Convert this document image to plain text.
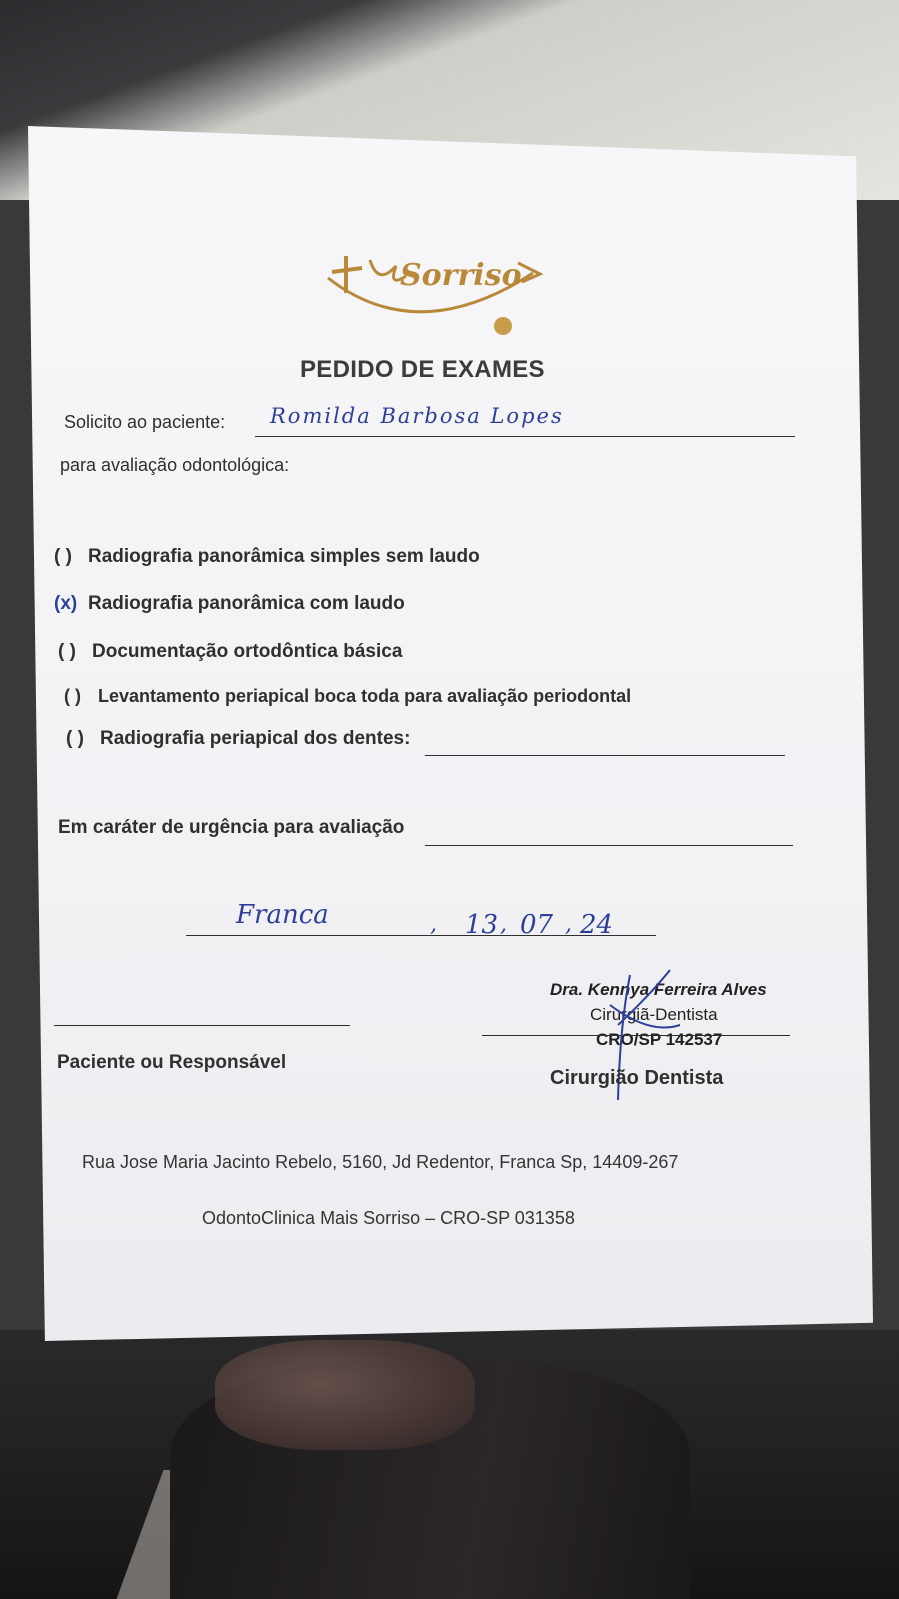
Sorriso
PEDIDO DE EXAMES
Solicito ao paciente: Romilda Barbosa Lopes
para avaliação odontológica:
( ) Radiografia panorâmica simples sem laudo
(x) Radiografia panorâmica com laudo
( ) Documentação ortodôntica básica
( ) Levantamento periapical boca toda para avaliação periodontal
( ) Radiografia periapical dos dentes:
Em caráter de urgência para avaliação
Franca	, 13 , 07 , 24
Paciente ou Responsável
Dra. Kennya Ferreira Alves
Cirurgiã-Dentista
CRO/SP 142537
Cirurgião Dentista
Rua Jose Maria Jacinto Rebelo, 5160, Jd Redentor, Franca Sp, 14409-267
OdontoClinica Mais Sorriso – CRO-SP 031358
